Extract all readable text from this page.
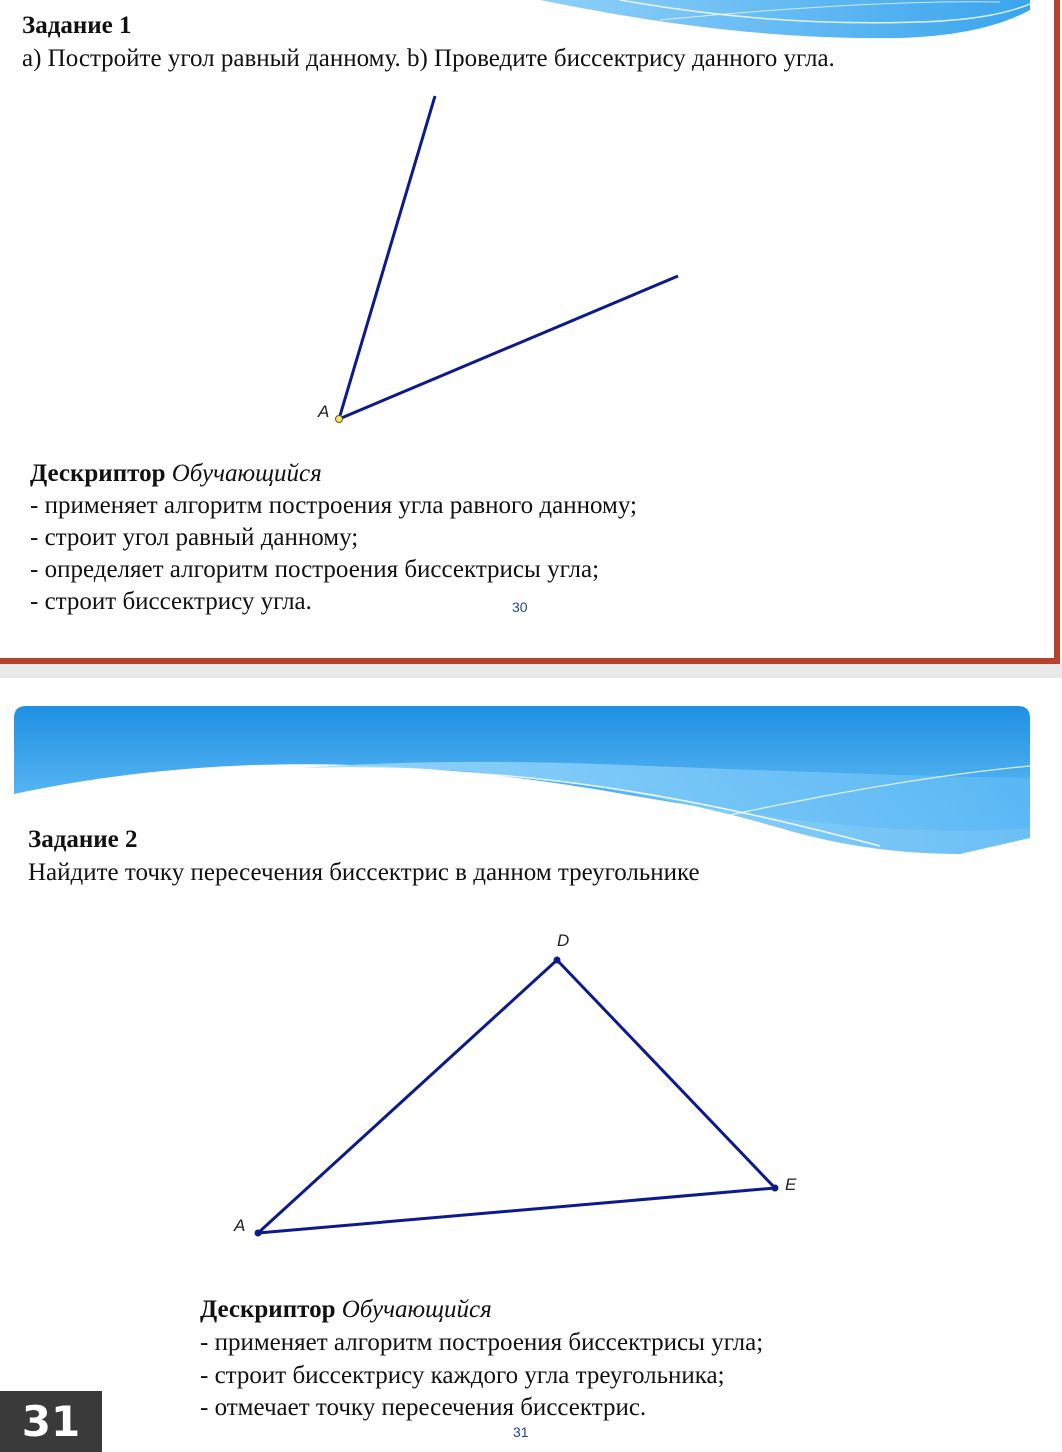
Задание 1
a) Постройте угол равный данному. b) Проведите биссектрису данного угла.
A
Дескриптор Обучающийся
- применяет алгоритм построения угла равного данному;
- строит угол равный данному;
- определяет алгоритм построения биссектрисы угла;
- строит биссектрису угла.	30
Задание 2
Найдите точку пересечения биссектрис в данном треугольнике
A
D
E
Дескриптор Обучающийся
- применяет алгоритм построения биссектрисы угла;
- строит биссектрису каждого угла треугольника;
- отмечает точку пересечения биссектрис.
31
31
